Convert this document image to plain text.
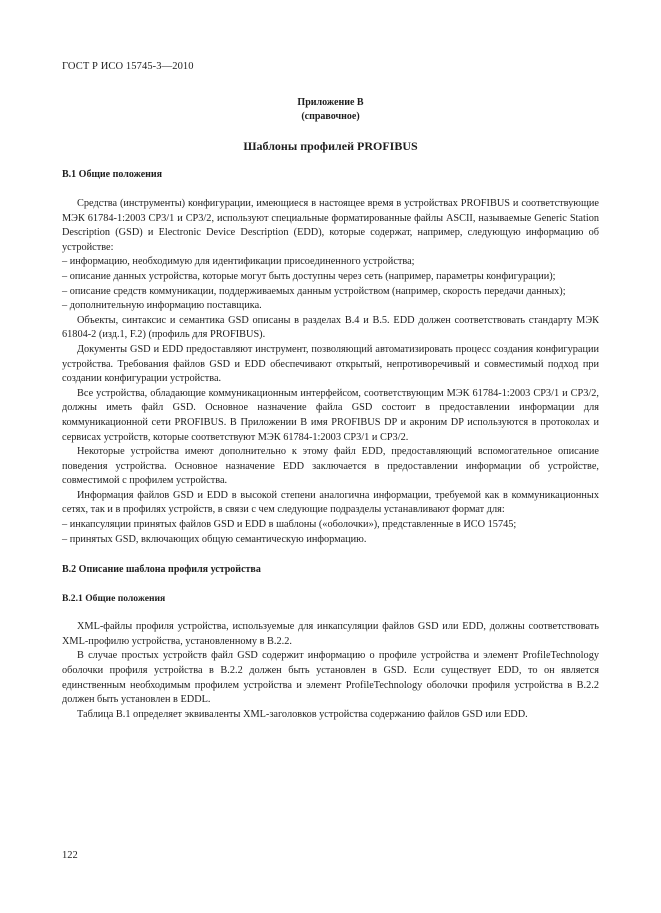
ГОСТ Р ИСО 15745-3—2010
Приложение В
(справочное)
Шаблоны профилей PROFIBUS
В.1 Общие положения

Средства (инструменты) конфигурации, имеющиеся в настоящее время в устройствах PROFIBUS и соответствующие МЭК 61784-1:2003 CP3/1 и CP3/2, используют специальные форматированные файлы ASCII, называемые Generic Station Description (GSD) и Electronic Device Description (EDD), которые содержат, например, следующую информацию об устройстве:

– информацию, необходимую для идентификации присоединенного устройства;

– описание данных устройства, которые могут быть доступны через сеть (например, параметры конфигурации);

– описание средств коммуникации, поддерживаемых данным устройством (например, скорость передачи данных);

– дополнительную информацию поставщика.

Объекты, синтаксис и семантика GSD описаны в разделах В.4 и В.5. EDD должен соответствовать стандарту МЭК 61804-2 (изд.1, F.2) (профиль для PROFIBUS).

Документы GSD и EDD предоставляют инструмент, позволяющий автоматизировать процесс создания конфигурации устройства. Требования файлов GSD и EDD обеспечивают открытый, непротиворечивый и совместимый подход при создании конфигурации устройства.

Все устройства, обладающие коммуникационным интерфейсом, соответствующим МЭК 61784-1:2003 CP3/1 и CP3/2, должны иметь файл GSD. Основное назначение файла GSD состоит в предоставлении информации для коммуникационной сети PROFIBUS. В Приложении В имя PROFIBUS DP и акроним DP используются в протоколах и сервисах устройств, которые соответствуют МЭК 61784-1:2003 CP3/1 и CP3/2.

Некоторые устройства имеют дополнительно к этому файл EDD, предоставляющий вспомогательное описание поведения устройства. Основное назначение EDD заключается в предоставлении информации об устройстве, совместимой с профилем устройства.

Информация файлов GSD и EDD в высокой степени аналогична информации, требуемой как в коммуникационных сетях, так и в профилях устройств, в связи с чем следующие подразделы устанавливают формат для:

– инкапсуляции принятых файлов GSD и EDD в шаблоны («оболочки»), представленные в ИСО 15745;

– принятых GSD, включающих общую семантическую информацию.

В.2 Описание шаблона профиля устройства
В.2.1 Общие положения

XML-файлы профиля устройства, используемые для инкапсуляции файлов GSD или EDD, должны соответствовать XML-профилю устройства, установленному в В.2.2.

В случае простых устройств файл GSD содержит информацию о профиле устройства и элемент ProfileTechnology оболочки профиля устройства в В.2.2 должен быть установлен в GSD. Если существует EDD, то он является единственным необходимым профилем устройства и элемент ProfileTechnology оболочки профиля устройства в В.2.2 должен быть установлен в EDDL.

Таблица В.1 определяет эквиваленты XML-заголовков устройства содержанию файлов GSD или EDD.

122
